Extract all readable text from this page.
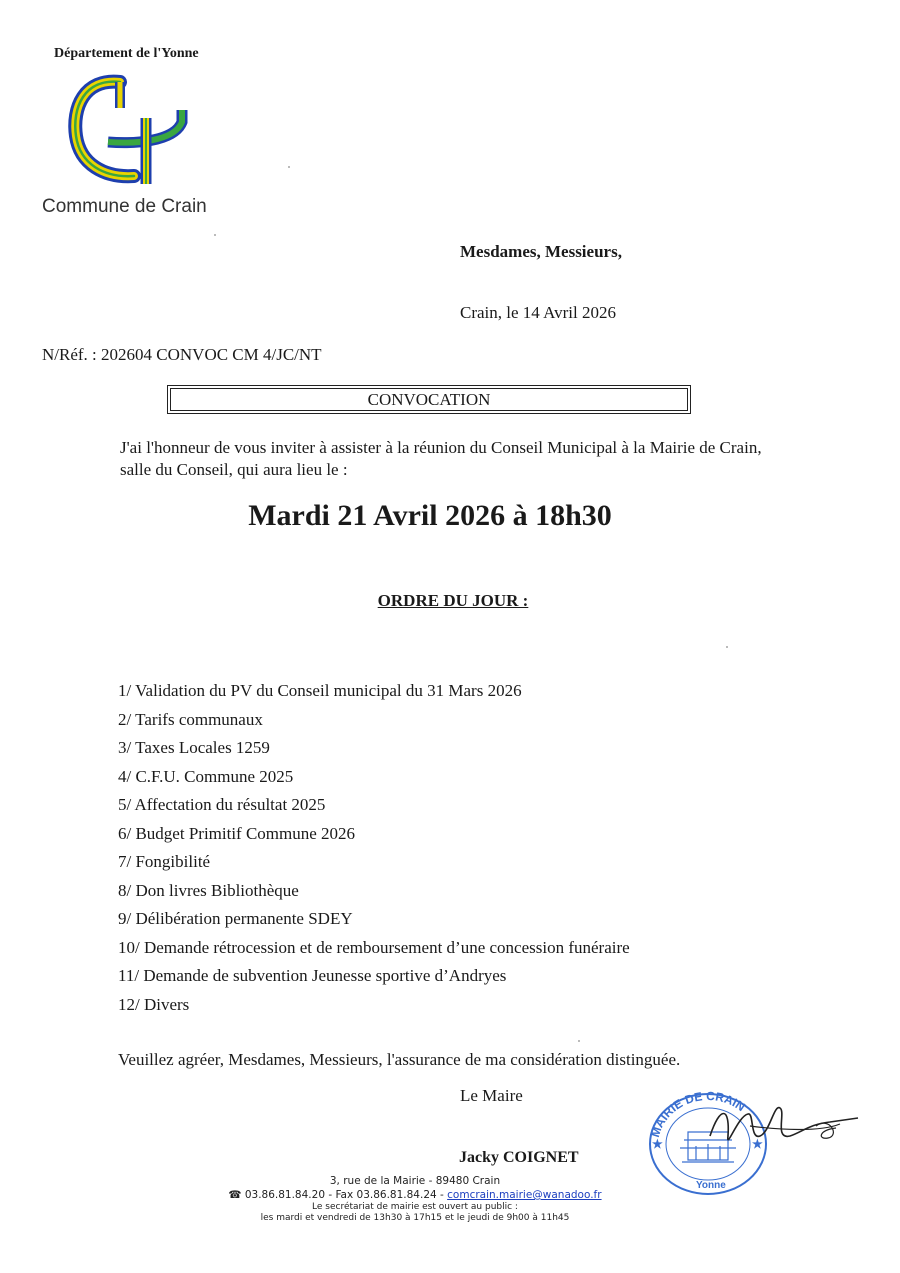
Département de l'Yonne
Commune de Crain
Mesdames, Messieurs,
Crain, le 14 Avril 2026
N/Réf. : 202604 CONVOC CM 4/JC/NT
CONVOCATION
J'ai l'honneur de vous inviter à assister à la réunion du Conseil Municipal à la Mairie de Crain,
salle du Conseil, qui aura lieu le :
Mardi 21 Avril 2026 à 18h30
ORDRE DU JOUR :
1/ Validation du PV du Conseil municipal du 31 Mars 2026
2/ Tarifs communaux
3/ Taxes Locales 1259
4/ C.F.U. Commune 2025
5/ Affectation du résultat 2025
6/ Budget Primitif Commune 2026
7/ Fongibilité
8/ Don livres Bibliothèque
9/ Délibération permanente SDEY
10/ Demande rétrocession et de remboursement d’une concession funéraire
11/ Demande de subvention Jeunesse sportive d’Andryes
12/ Divers
Veuillez agréer, Mesdames, Messieurs, l'assurance de ma considération distinguée.
Le Maire
Jacky COIGNET
MAIRIE DE CRAIN
Yonne
★	★
3, rue de la Mairie - 89480 Crain
☎ 03.86.81.84.20 - Fax 03.86.81.84.24 - comcrain.mairie@wanadoo.fr
Le secrétariat de mairie est ouvert au public :
les mardi et vendredi de 13h30 à 17h15 et le jeudi de 9h00 à 11h45
